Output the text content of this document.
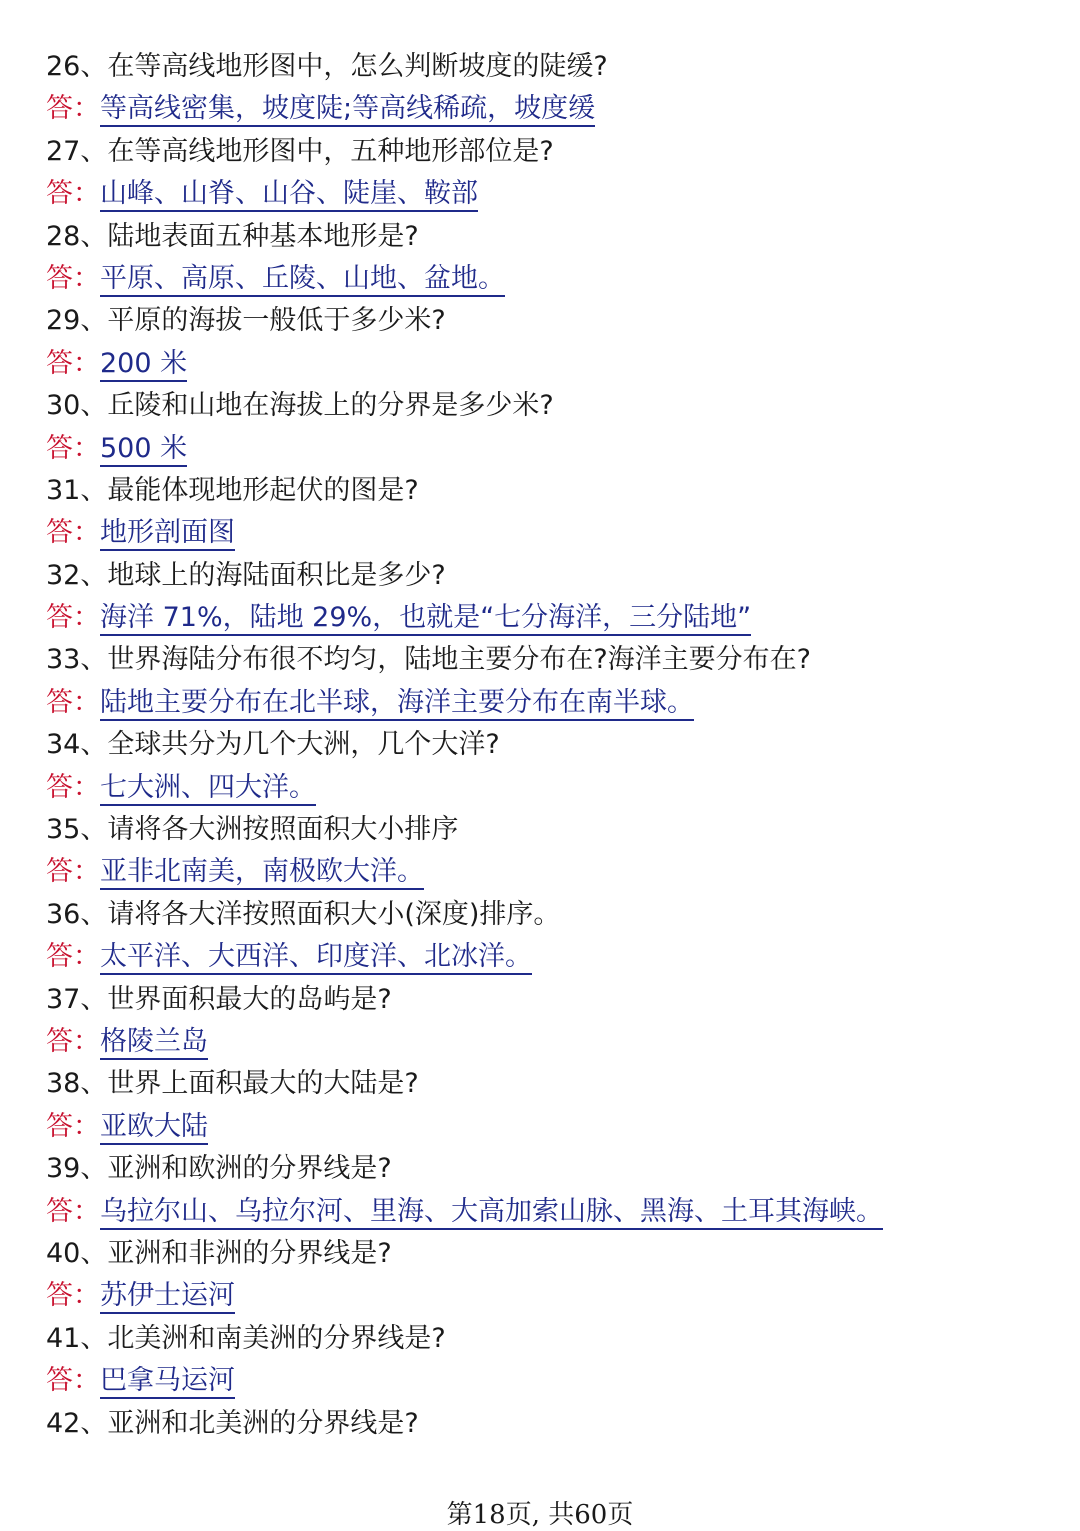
26、在等高线地形图中，怎么判断坡度的陡缓?
答：等高线密集，坡度陡;等高线稀疏，坡度缓
27、在等高线地形图中，五种地形部位是?
答：山峰、山脊、山谷、陡崖、鞍部
28、陆地表面五种基本地形是?
答：平原、高原、丘陵、山地、盆地。
29、平原的海拔一般低于多少米?
答：200 米
30、丘陵和山地在海拔上的分界是多少米?
答：500 米
31、最能体现地形起伏的图是?
答：地形剖面图
32、地球上的海陆面积比是多少?
答：海洋 71%，陆地 29%，也就是“七分海洋，三分陆地”
33、世界海陆分布很不均匀，陆地主要分布在?海洋主要分布在?
答：陆地主要分布在北半球，海洋主要分布在南半球。
34、全球共分为几个大洲，几个大洋?
答：七大洲、四大洋。
35、请将各大洲按照面积大小排序
答：亚非北南美，南极欧大洋。
36、请将各大洋按照面积大小(深度)排序。
答：太平洋、大西洋、印度洋、北冰洋。
37、世界面积最大的岛屿是?
答：格陵兰岛
38、世界上面积最大的大陆是?
答：亚欧大陆
39、亚洲和欧洲的分界线是?
答：乌拉尔山、乌拉尔河、里海、大高加索山脉、黑海、土耳其海峡。
40、亚洲和非洲的分界线是?
答：苏伊士运河
41、北美洲和南美洲的分界线是?
答：巴拿马运河
42、亚洲和北美洲的分界线是?
第18页, 共60页
